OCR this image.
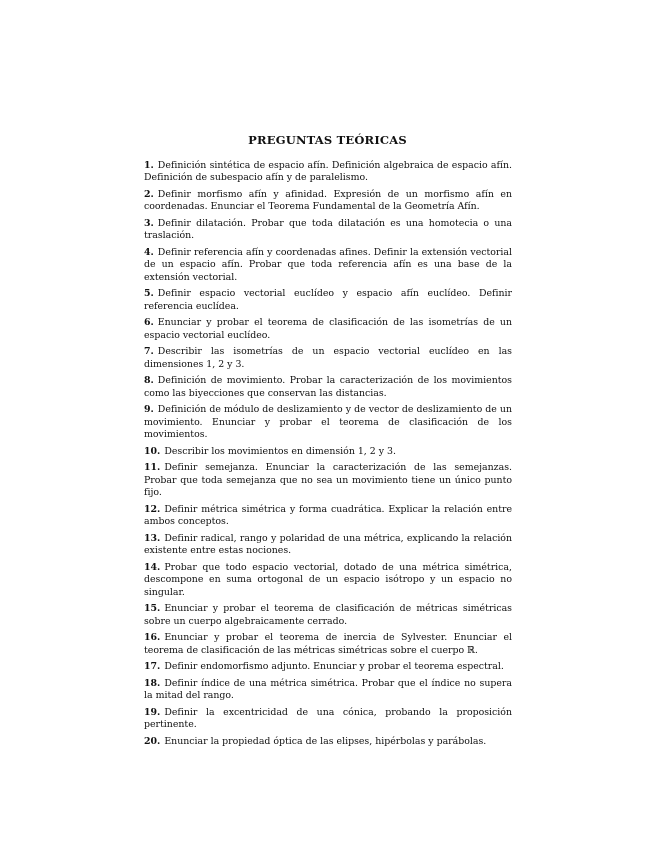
PREGUNTAS TEÓRICAS
1. Definición sintética de espacio afín. Definición algebraica de espacio afín. Definición de subespacio afín y de paralelismo.
2. Definir morfismo afín y afinidad. Expresión de un morfismo afín en coordenadas. Enunciar el Teorema Fundamental de la Geometría Afín.
3. Definir dilatación. Probar que toda dilatación es una homotecia o una traslación.
4. Definir referencia afín y coordenadas afines. Definir la extensión vectorial de un espacio afín. Probar que toda referencia afín es una base de la extensión vectorial.
5. Definir espacio vectorial euclídeo y espacio afín euclídeo. Definir referencia euclídea.
6. Enunciar y probar el teorema de clasificación de las isometrías de un espacio vectorial euclídeo.
7. Describir las isometrías de un espacio vectorial euclídeo en las dimensiones 1, 2 y 3.
8. Definición de movimiento. Probar la caracterización de los movimientos como las biyecciones que conservan las distancias.
9. Definición de módulo de deslizamiento y de vector de deslizamiento de un movimiento. Enunciar y probar el teorema de clasificación de los movimientos.
10. Describir los movimientos en dimensión 1, 2 y 3.
11. Definir semejanza. Enunciar la caracterización de las semejanzas. Probar que toda semejanza que no sea un movimiento tiene un único punto fijo.
12. Definir métrica simétrica y forma cuadrática. Explicar la relación entre ambos conceptos.
13. Definir radical, rango y polaridad de una métrica, explicando la relación existente entre estas nociones.
14. Probar que todo espacio vectorial, dotado de una métrica simétrica, descompone en suma ortogonal de un espacio isótropo y un espacio no singular.
15. Enunciar y probar el teorema de clasificación de métricas simétricas sobre un cuerpo algebraicamente cerrado.
16. Enunciar y probar el teorema de inercia de Sylvester. Enunciar el teorema de clasificación de las métricas simétricas sobre el cuerpo ℝ.
17. Definir endomorfismo adjunto. Enunciar y probar el teorema espectral.
18. Definir índice de una métrica simétrica. Probar que el índice no supera la mitad del rango.
19. Definir la excentricidad de una cónica, probando la proposición pertinente.
20. Enunciar la propiedad óptica de las elipses, hipérbolas y parábolas.
